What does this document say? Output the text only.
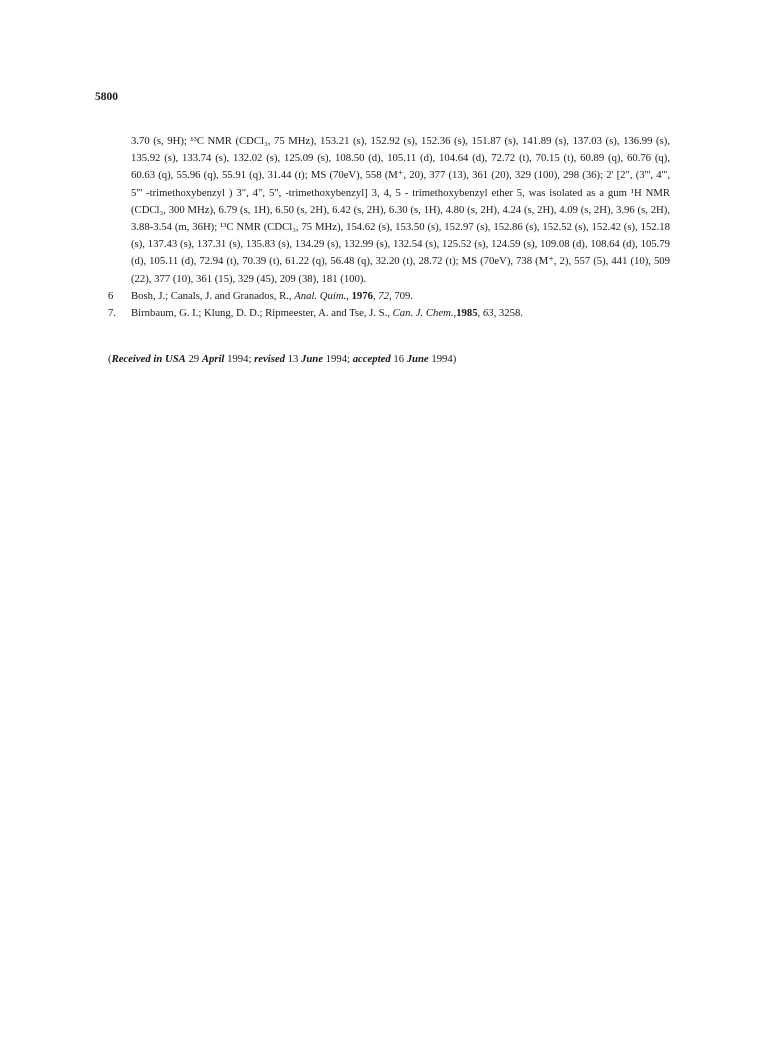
5800

3.70 (s, 9H); ¹³C NMR (CDCl₃, 75 MHz), 153.21 (s), 152.92 (s), 152.36 (s), 151.87 (s), 141.89 (s), 137.03 (s), 136.99 (s), 135.92 (s), 133.74 (s), 132.02 (s), 125.09 (s), 108.50 (d), 105.11 (d), 104.64 (d), 72.72 (t), 70.15 (t), 60.89 (q), 60.76 (q), 60.63 (q), 55.96 (q), 55.91 (q), 31.44 (t); MS (70eV), 558 (M⁺, 20), 377 (13), 361 (20), 329 (100), 298 (36); 2' [2", (3''', 4''', 5''' -trimethoxybenzyl ) 3", 4", 5", -trimethoxybenzyl] 3, 4, 5 - trimethoxybenzyl ether 5, was isolated as a gum ¹H NMR (CDCl₃, 300 MHz), 6.79 (s, 1H), 6.50 (s, 2H), 6.42 (s, 2H), 6.30 (s, 1H), 4.80 (s, 2H), 4.24 (s, 2H), 4.09 (s, 2H), 3.96 (s, 2H), 3.88-3.54 (m, 36H); ¹³C NMR (CDCl₃, 75 MHz), 154.62 (s), 153.50 (s), 152.97 (s), 152.86 (s), 152.52 (s), 152.42 (s), 152.18 (s), 137.43 (s), 137.31 (s), 135.83 (s), 134.29 (s), 132.99 (s), 132.54 (s), 125.52 (s), 124.59 (s), 109.08 (d), 108.64 (d), 105.79 (d), 105.11 (d), 72.94 (t), 70.39 (t), 61.22 (q), 56.48 (q), 32.20 (t), 28.72 (t); MS (70eV), 738 (M⁺, 2), 557 (5), 441 (10), 509 (22), 377 (10), 361 (15), 329 (45), 209 (38), 181 (100).

6	Bosh, J.; Canals, J. and Granados, R., Anal. Quím., 1976, 72, 709.

7.	Birnbaum, G. I.; Klung, D. D.; Ripmeester, A. and Tse, J. S., Can. J. Chem.,1985, 63, 3258.

(Received in USA 29 April 1994; revised 13 June 1994; accepted 16 June 1994)
